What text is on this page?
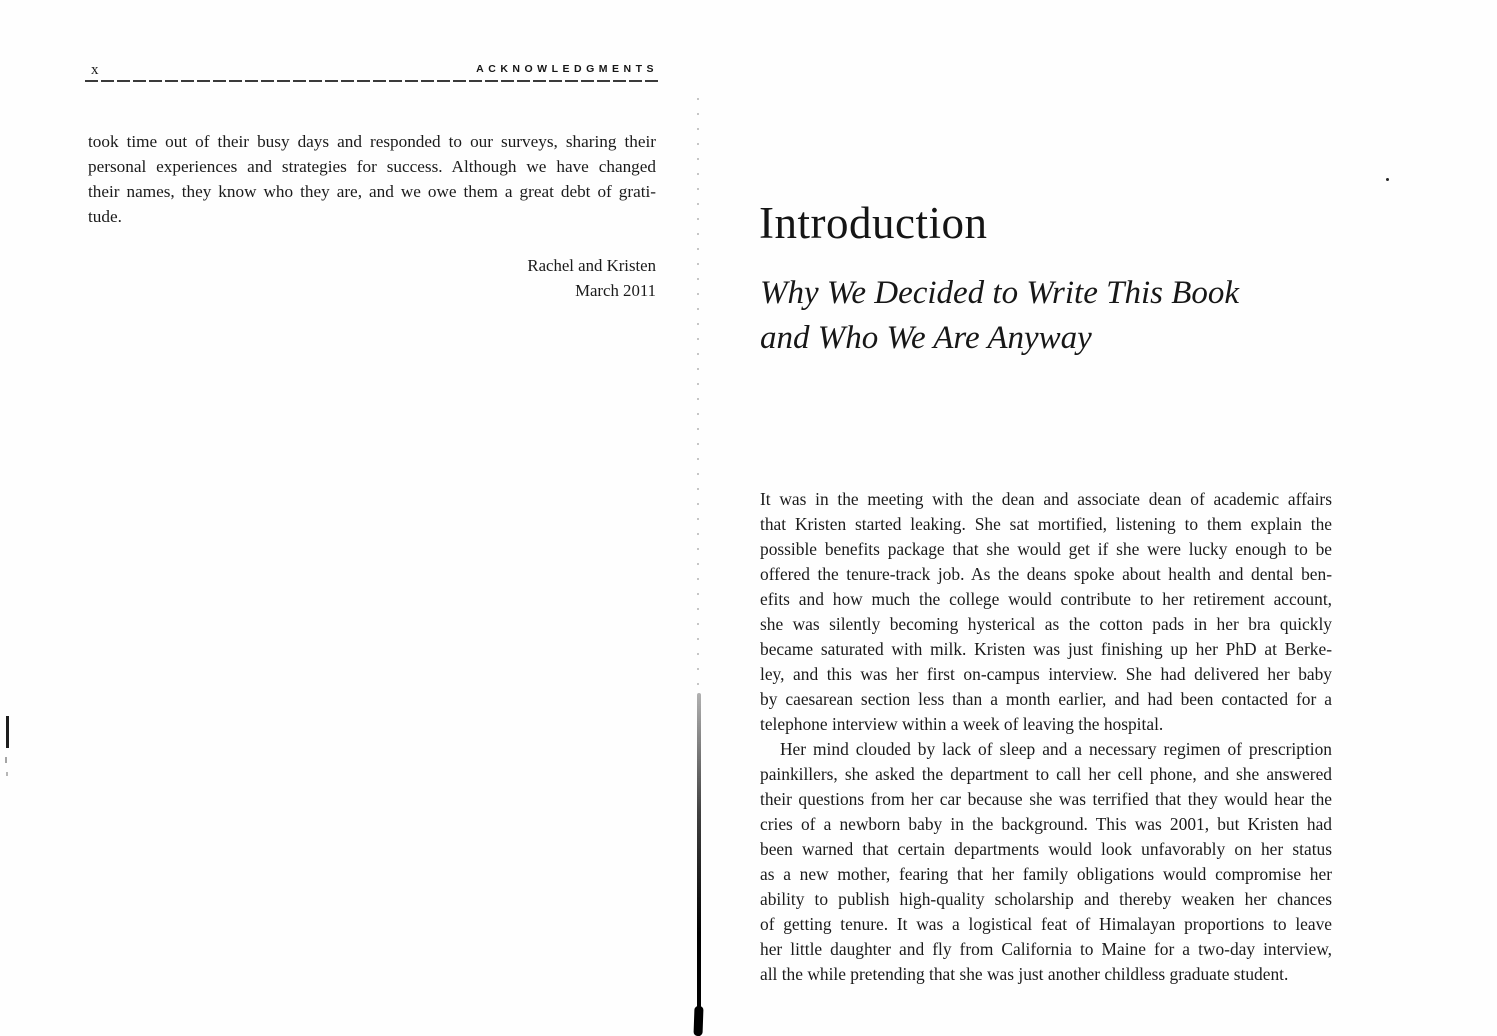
x	ACKNOWLEDGMENTS
took time out of their busy days and responded to our surveys, sharing their
personal experiences and strategies for success. Although we have changed
their names, they know who they are, and we owe them a great debt of grati-
tude.
Rachel and Kristen
March 2011
Introduction
Why We Decided to Write This Book
and Who We Are Anyway
It was in the meeting with the dean and associate dean of academic affairs
that Kristen started leaking. She sat mortified, listening to them explain the
possible benefits package that she would get if she were lucky enough to be
offered the tenure-track job. As the deans spoke about health and dental ben-
efits and how much the college would contribute to her retirement account,
she was silently becoming hysterical as the cotton pads in her bra quickly
became saturated with milk. Kristen was just finishing up her PhD at Berke-
ley, and this was her first on-campus interview. She had delivered her baby
by caesarean section less than a month earlier, and had been contacted for a
telephone interview within a week of leaving the hospital.
Her mind clouded by lack of sleep and a necessary regimen of prescription
painkillers, she asked the department to call her cell phone, and she answered
their questions from her car because she was terrified that they would hear the
cries of a newborn baby in the background. This was 2001, but Kristen had
been warned that certain departments would look unfavorably on her status
as a new mother, fearing that her family obligations would compromise her
ability to publish high-quality scholarship and thereby weaken her chances
of getting tenure. It was a logistical feat of Himalayan proportions to leave
her little daughter and fly from California to Maine for a two-day interview,
all the while pretending that she was just another childless graduate student.
